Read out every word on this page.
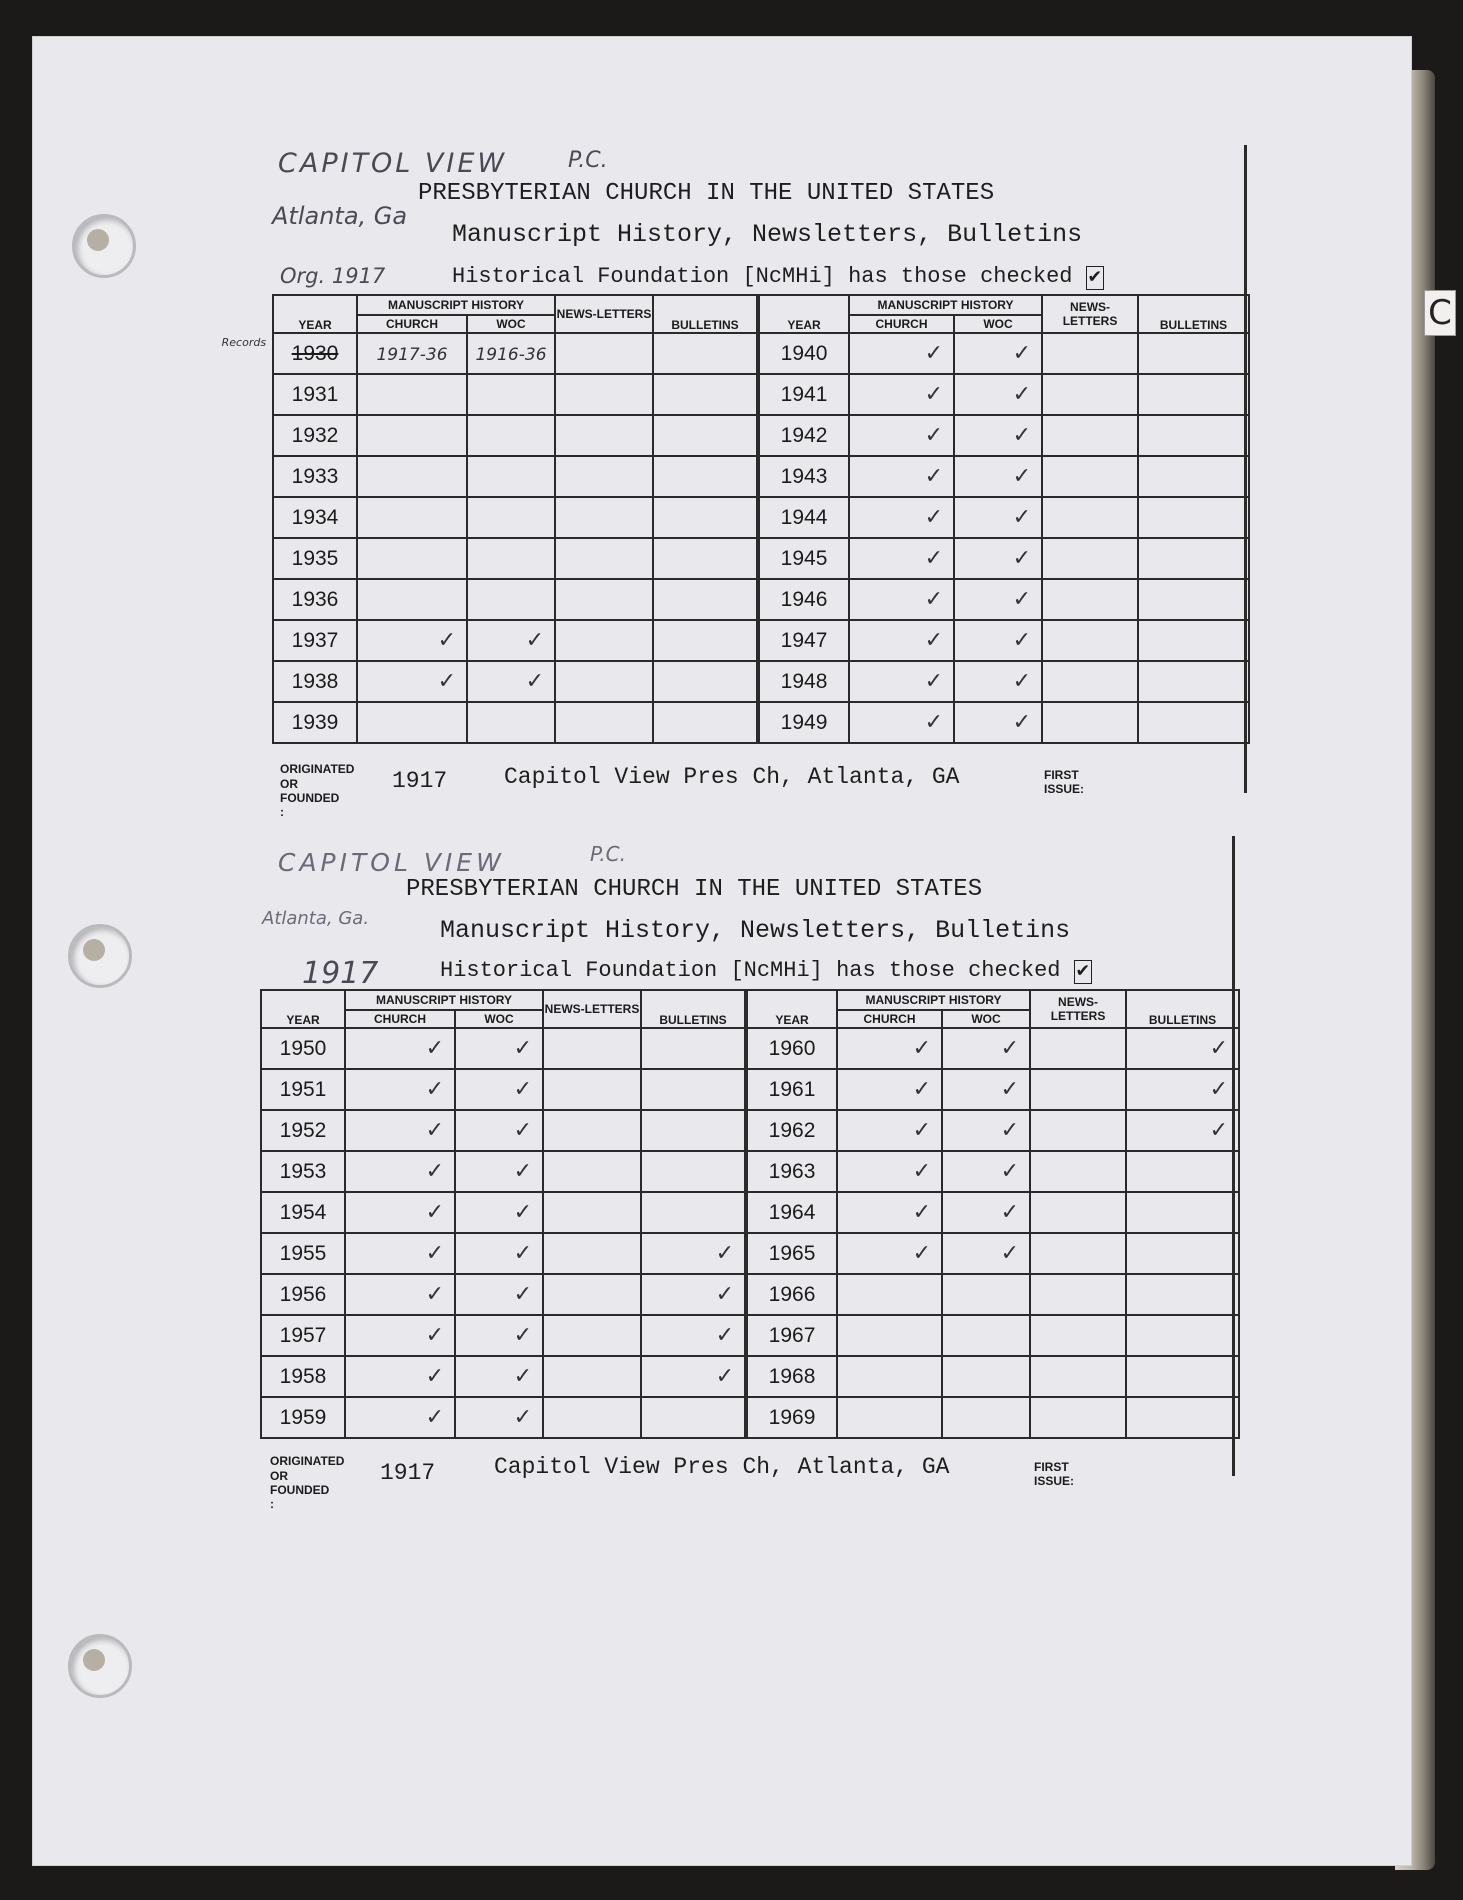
C
CAPITOL VIEW	P.C.
Atlanta, Ga
Org. 1917
PRESBYTERIAN CHURCH IN THE UNITED STATES
Manuscript History, Newsletters, Bulletins
Historical Foundation [NcMHi] has those checked ✔
YEAR	MANUSCRIPT HISTORY		NEWS-LETTERS	BULLETINS	YEAR	MANUSCRIPT HISTORY		NEWS-LETTERS	BULLETINS
	CHURCH	WOC				CHURCH	WOC		

Records 1930	1917-36	1916-36			1940	✓	✓		
1931					1941	✓	✓		
1932					1942	✓	✓		
1933					1943	✓	✓		
1934					1944	✓	✓		
1935					1945	✓	✓		
1936					1946	✓	✓		
1937	✓	✓			1947	✓	✓		
1938	✓	✓			1948	✓	✓		
1939					1949	✓	✓		
ORIGINATED
OR FOUNDED :
1917 Capitol View Pres Ch, Atlanta, GA	FIRST ISSUE:
CAPITOL VIEW	P.C.
Atlanta, Ga.
1917
PRESBYTERIAN CHURCH IN THE UNITED STATES
Manuscript History, Newsletters, Bulletins
Historical Foundation [NcMHi] has those checked ✔
YEAR	MANUSCRIPT HISTORY		NEWS-LETTERS	BULLETINS	YEAR	MANUSCRIPT HISTORY		NEWS-LETTERS	BULLETINS
	CHURCH	WOC				CHURCH	WOC		
1950	✓	✓			1960	✓	✓		✓
1951	✓	✓			1961	✓	✓		✓
1952	✓	✓			1962	✓	✓		✓
1953	✓	✓			1963	✓	✓		
1954	✓	✓			1964	✓	✓		
1955	✓	✓		✓	1965	✓	✓		
1956	✓	✓		✓	1966				
1957	✓	✓		✓	1967				
1958	✓	✓		✓	1968				
1959	✓	✓			1969				
ORIGINATED
OR FOUNDED :
1917	Capitol View Pres Ch, Atlanta, GA	FIRST ISSUE:
